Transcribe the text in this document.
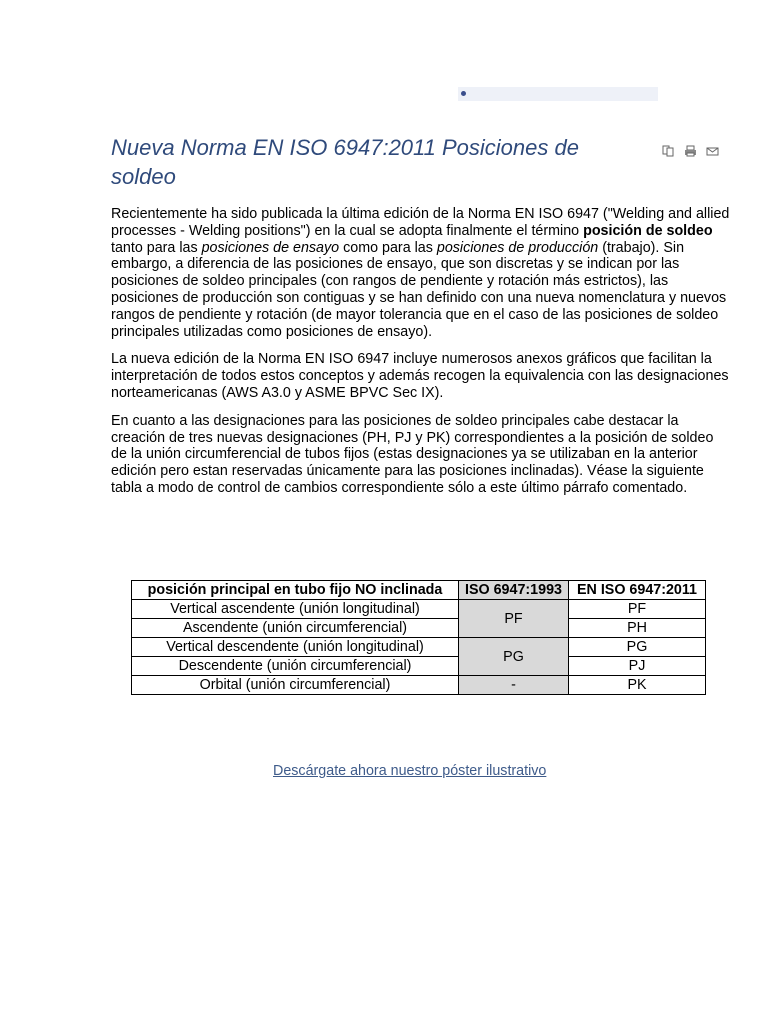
Nueva Norma EN ISO 6947:2011 Posiciones de soldeo

Recientemente ha sido publicada la última edición de la Norma EN ISO 6947 ("Welding and allied processes - Welding positions") en la cual se adopta finalmente el término posición de soldeo tanto para las posiciones de ensayo como para las posiciones de producción (trabajo). Sin embargo, a diferencia de las posiciones de ensayo, que son discretas y se indican por las posiciones de soldeo principales (con rangos de pendiente y rotación más estrictos), las posiciones de producción son contiguas y se han definido con una nueva nomenclatura y nuevos rangos de pendiente y rotación (de mayor tolerancia que en el caso de las posiciones de soldeo principales utilizadas como posiciones de ensayo).

La nueva edición de la Norma EN ISO 6947 incluye numerosos anexos gráficos que facilitan la interpretación de todos estos conceptos y además recogen la equivalencia con las designaciones norteamericanas (AWS A3.0 y ASME BPVC Sec IX).

En cuanto a las designaciones para las posiciones de soldeo principales cabe destacar la creación de tres nuevas designaciones (PH, PJ y PK) correspondientes a la posición de soldeo de la unión circumferencial de tubos fijos (estas designaciones ya se utilizaban en la anterior edición pero estan reservadas únicamente para las posiciones inclinadas). Véase la siguiente tabla a modo de control de cambios correspondiente sólo a este último párrafo comentado.

posición principal en tubo fijo NO inclinada	ISO 6947:1993	EN ISO 6947:2011
Vertical ascendente (unión longitudinal)	PF	PF
Ascendente (unión circumferencial)		PH
Vertical descendente (unión longitudinal)	PG	PG
Descendente (unión circumferencial)		PJ
Orbital (unión circumferencial)	-	PK
Descárgate ahora nuestro póster ilustrativo
